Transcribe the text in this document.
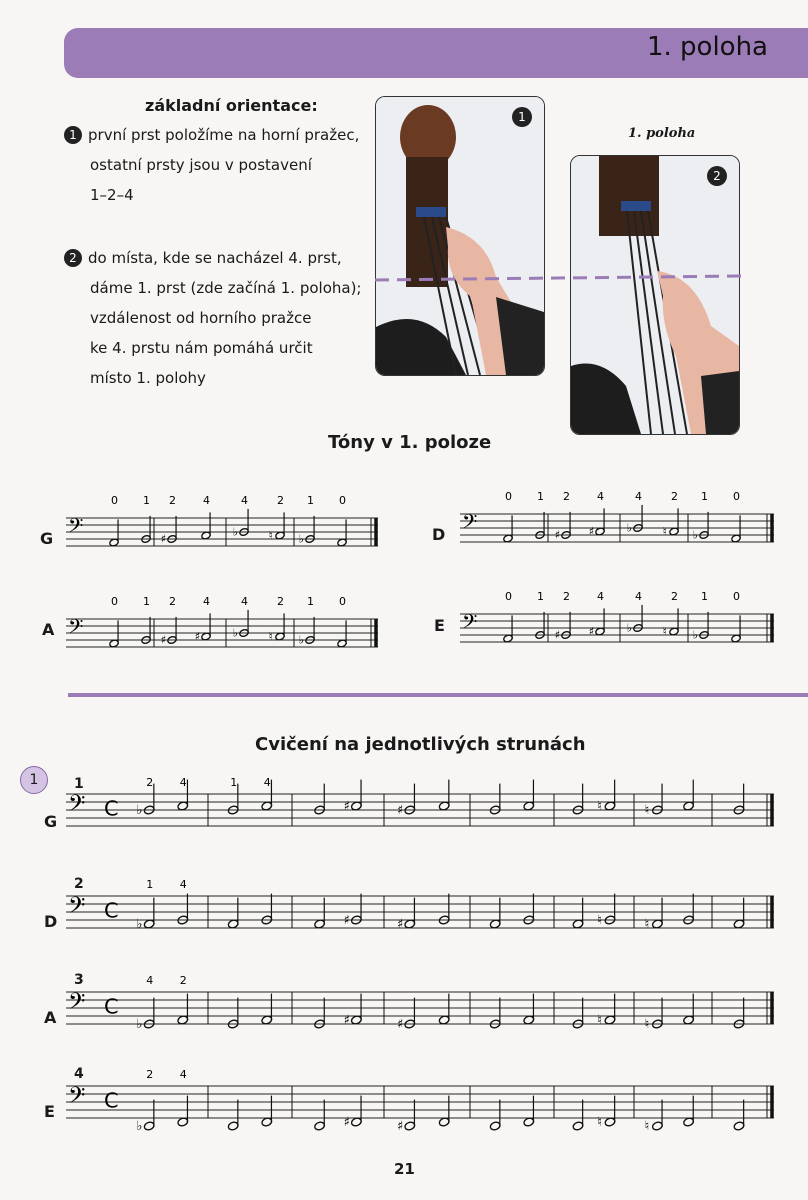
1. poloha
základní orientace:
1 první prst položíme na horní pražec,
ostatní prsty jsou v postavení
1–2–4
2 do místa, kde se nacházel 4. prst,
dáme 1. prst (zde začíná 1. poloha);
vzdálenost od horního pražce
ke 4. prstu nám pomáhá určit
místo 1. polohy
1
1. poloha
2
Tóny v 1. poloze
G	D
A	E
𝄢
0 1 2
♯
4	4
♭
2
♮
1
♭
0
𝄢
0 1 2
♯
4
♯
4
♭
2
♮
1
♭
0
𝄢
0 1 2
♯
4
♯
4
♭
2
♮
1
♭
0
𝄢
0 1 2
♯
4
♯
4
♭
2
♮
1
♭
0
Cvičení na jednotlivých strunách
1	1
G 𝄢 C ♭
2 4	1 4
♯	♯	♮	♮
2
D 𝄢 C
♭
1 4
♯	♯	♮	♮
3
A 𝄢 C
♭
4 2
♯	♯	♮	♮
4
E 𝄢 C
♭
2 4
♯	♯	♮	♮
21
